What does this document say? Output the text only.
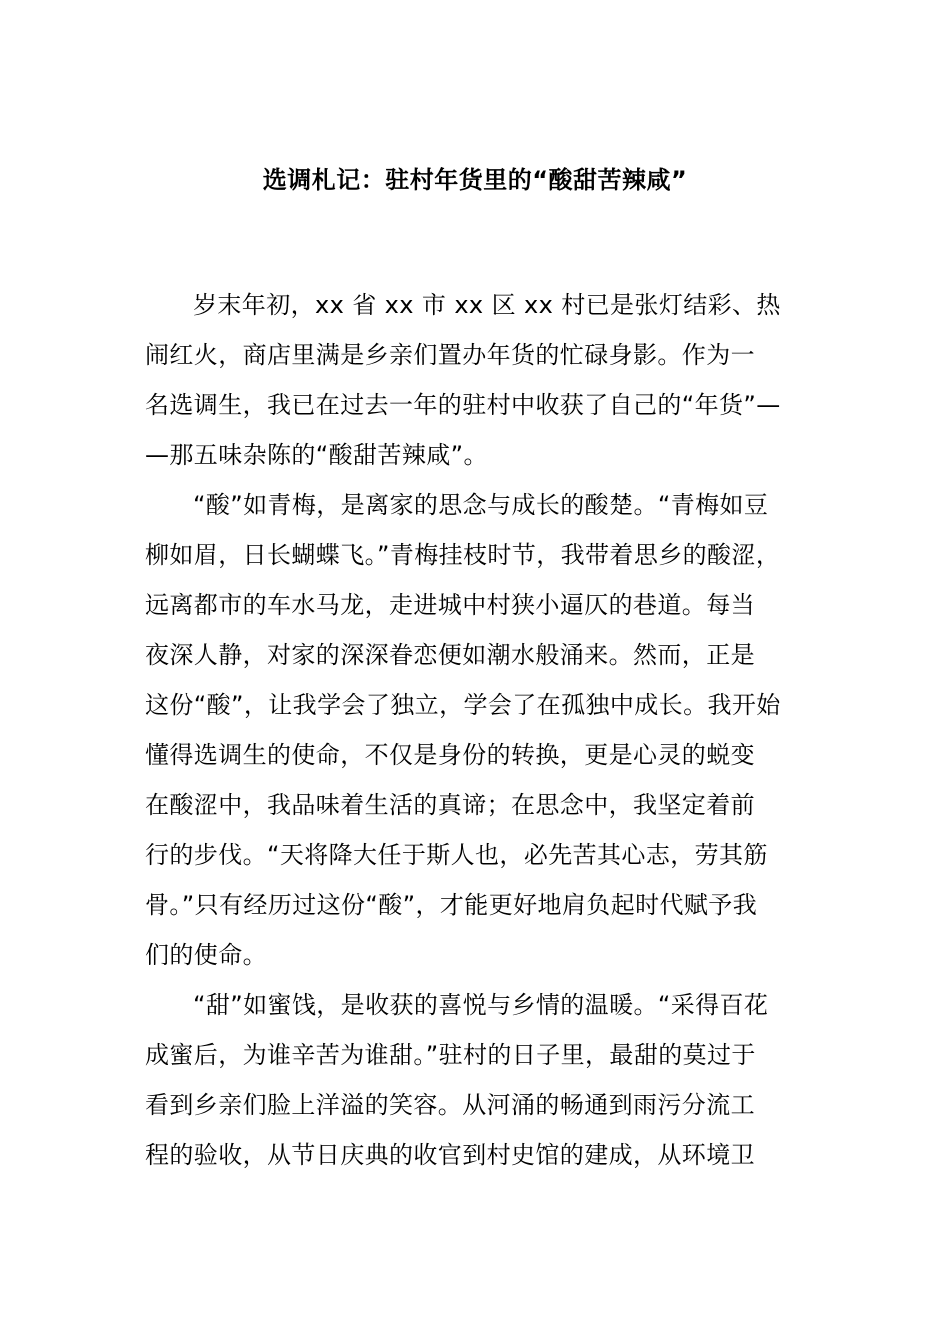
选调札记：驻村年货里的“酸甜苦辣咸”
岁末年初，xx 省 xx 市 xx 区 xx 村已是张灯结彩、热
闹红火，商店里满是乡亲们置办年货的忙碌身影。作为一
名选调生，我已在过去一年的驻村中收获了自己的“年货”—
—那五味杂陈的“酸甜苦辣咸”。
“酸”如青梅，是离家的思念与成长的酸楚。“青梅如豆
柳如眉，日长蝴蝶飞。”青梅挂枝时节，我带着思乡的酸涩，
远离都市的车水马龙，走进城中村狭小逼仄的巷道。每当
夜深人静，对家的深深眷恋便如潮水般涌来。然而，正是
这份“酸”，让我学会了独立，学会了在孤独中成长。我开始
懂得选调生的使命，不仅是身份的转换，更是心灵的蜕变
在酸涩中，我品味着生活的真谛；在思念中，我坚定着前
行的步伐。“天将降大任于斯人也，必先苦其心志，劳其筋
骨。”只有经历过这份“酸”，才能更好地肩负起时代赋予我
们的使命。
“甜”如蜜饯，是收获的喜悦与乡情的温暖。“采得百花
成蜜后，为谁辛苦为谁甜。”驻村的日子里，最甜的莫过于
看到乡亲们脸上洋溢的笑容。从河涌的畅通到雨污分流工
程的验收，从节日庆典的收官到村史馆的建成，从环境卫
